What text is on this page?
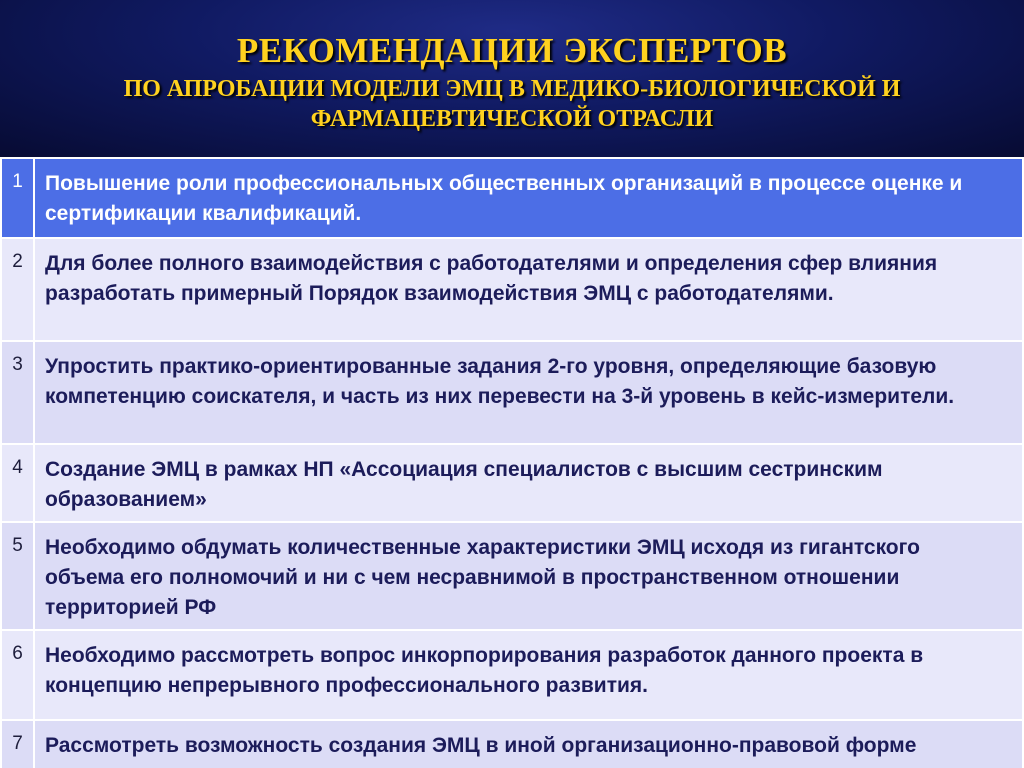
РЕКОМЕНДАЦИИ ЭКСПЕРТОВ
ПО АПРОБАЦИИ МОДЕЛИ ЭМЦ В МЕДИКО-БИОЛОГИЧЕСКОЙ И
ФАРМАЦЕВТИЧЕСКОЙ ОТРАСЛИ
1	Повышение роли профессиональных общественных организаций в процессе оценке и сертификации квалификаций.
2	Для более полного взаимодействия с работодателями и определения сфер влияния разработать примерный Порядок взаимодействия ЭМЦ с работодателями.
3	Упростить практико-ориентированные задания 2-го уровня, определяющие базовую компетенцию соискателя, и часть из них перевести на 3-й уровень в кейс-измерители.
4	Создание ЭМЦ в рамках НП «Ассоциация специалистов с высшим сестринским образованием»
5	Необходимо обдумать количественные характеристики ЭМЦ исходя из гигантского объема его полномочий и ни с чем несравнимой в пространственном отношении территорией РФ
6	Необходимо рассмотреть вопрос инкорпорирования разработок данного проекта в концепцию непрерывного профессионального развития.
7	Рассмотреть возможность создания ЭМЦ в иной организационно-правовой форме
